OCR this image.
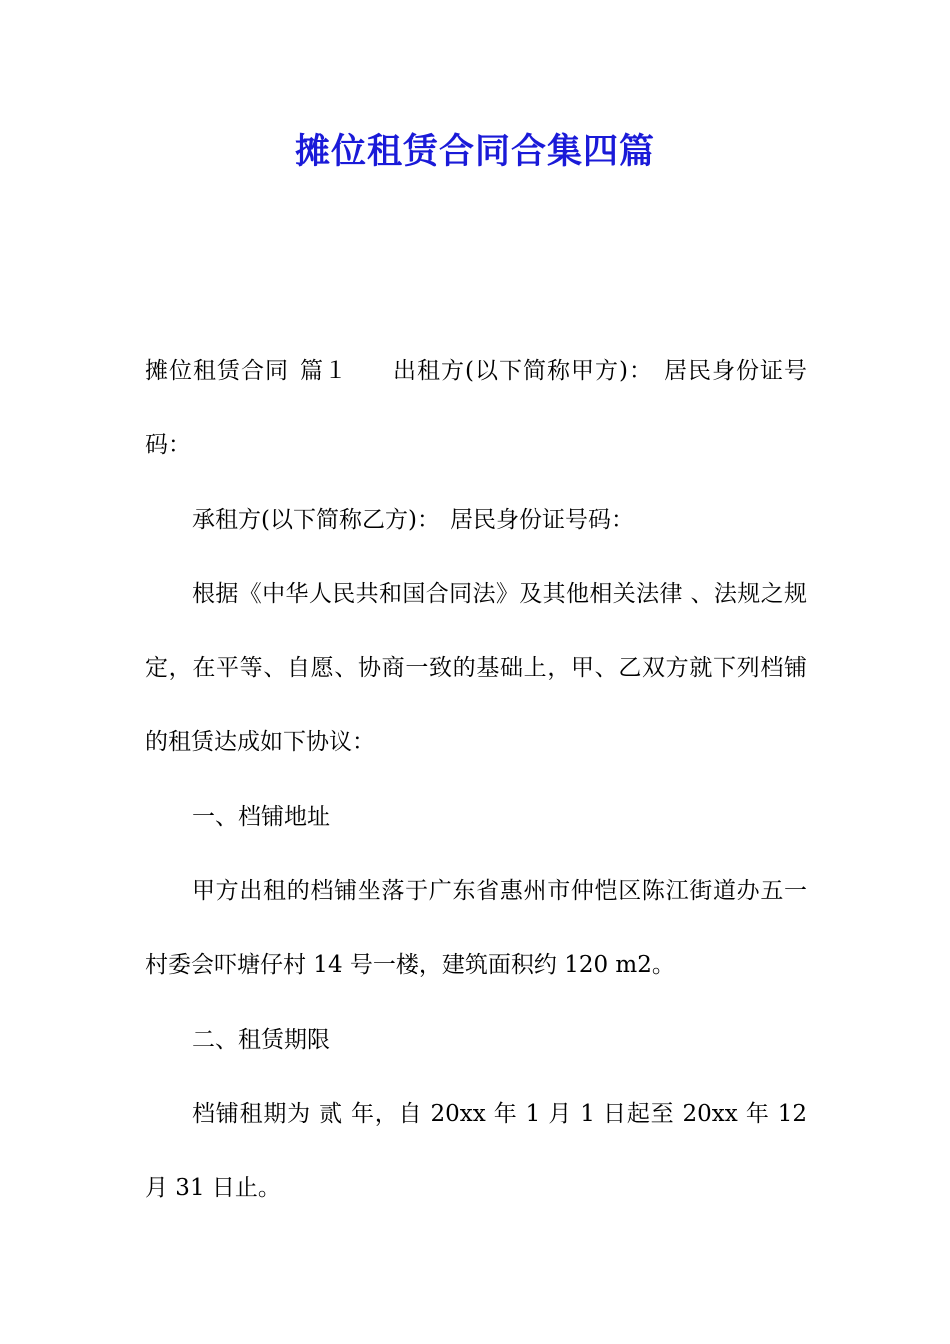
摊位租赁合同合集四篇

摊位租赁合同 篇１ 出租方(以下简称甲方)： 居民身份证号码：

承租方(以下简称乙方)： 居民身份证号码：

根据《中华人民共和国合同法》及其他相关法律 、法规之规定，在平等、自愿、协商一致的基础上，甲、乙双方就下列档铺的租赁达成如下协议：

一、档铺地址

甲方出租的档铺坐落于广东省惠州市仲恺区陈江街道办五一村委会吓塘仔村 14 号一楼，建筑面积约 120 m2。

二、租赁期限

档铺租期为 贰 年，自 20xx 年 1 月 1 日起至 20xx 年 12 月 31 日止。
